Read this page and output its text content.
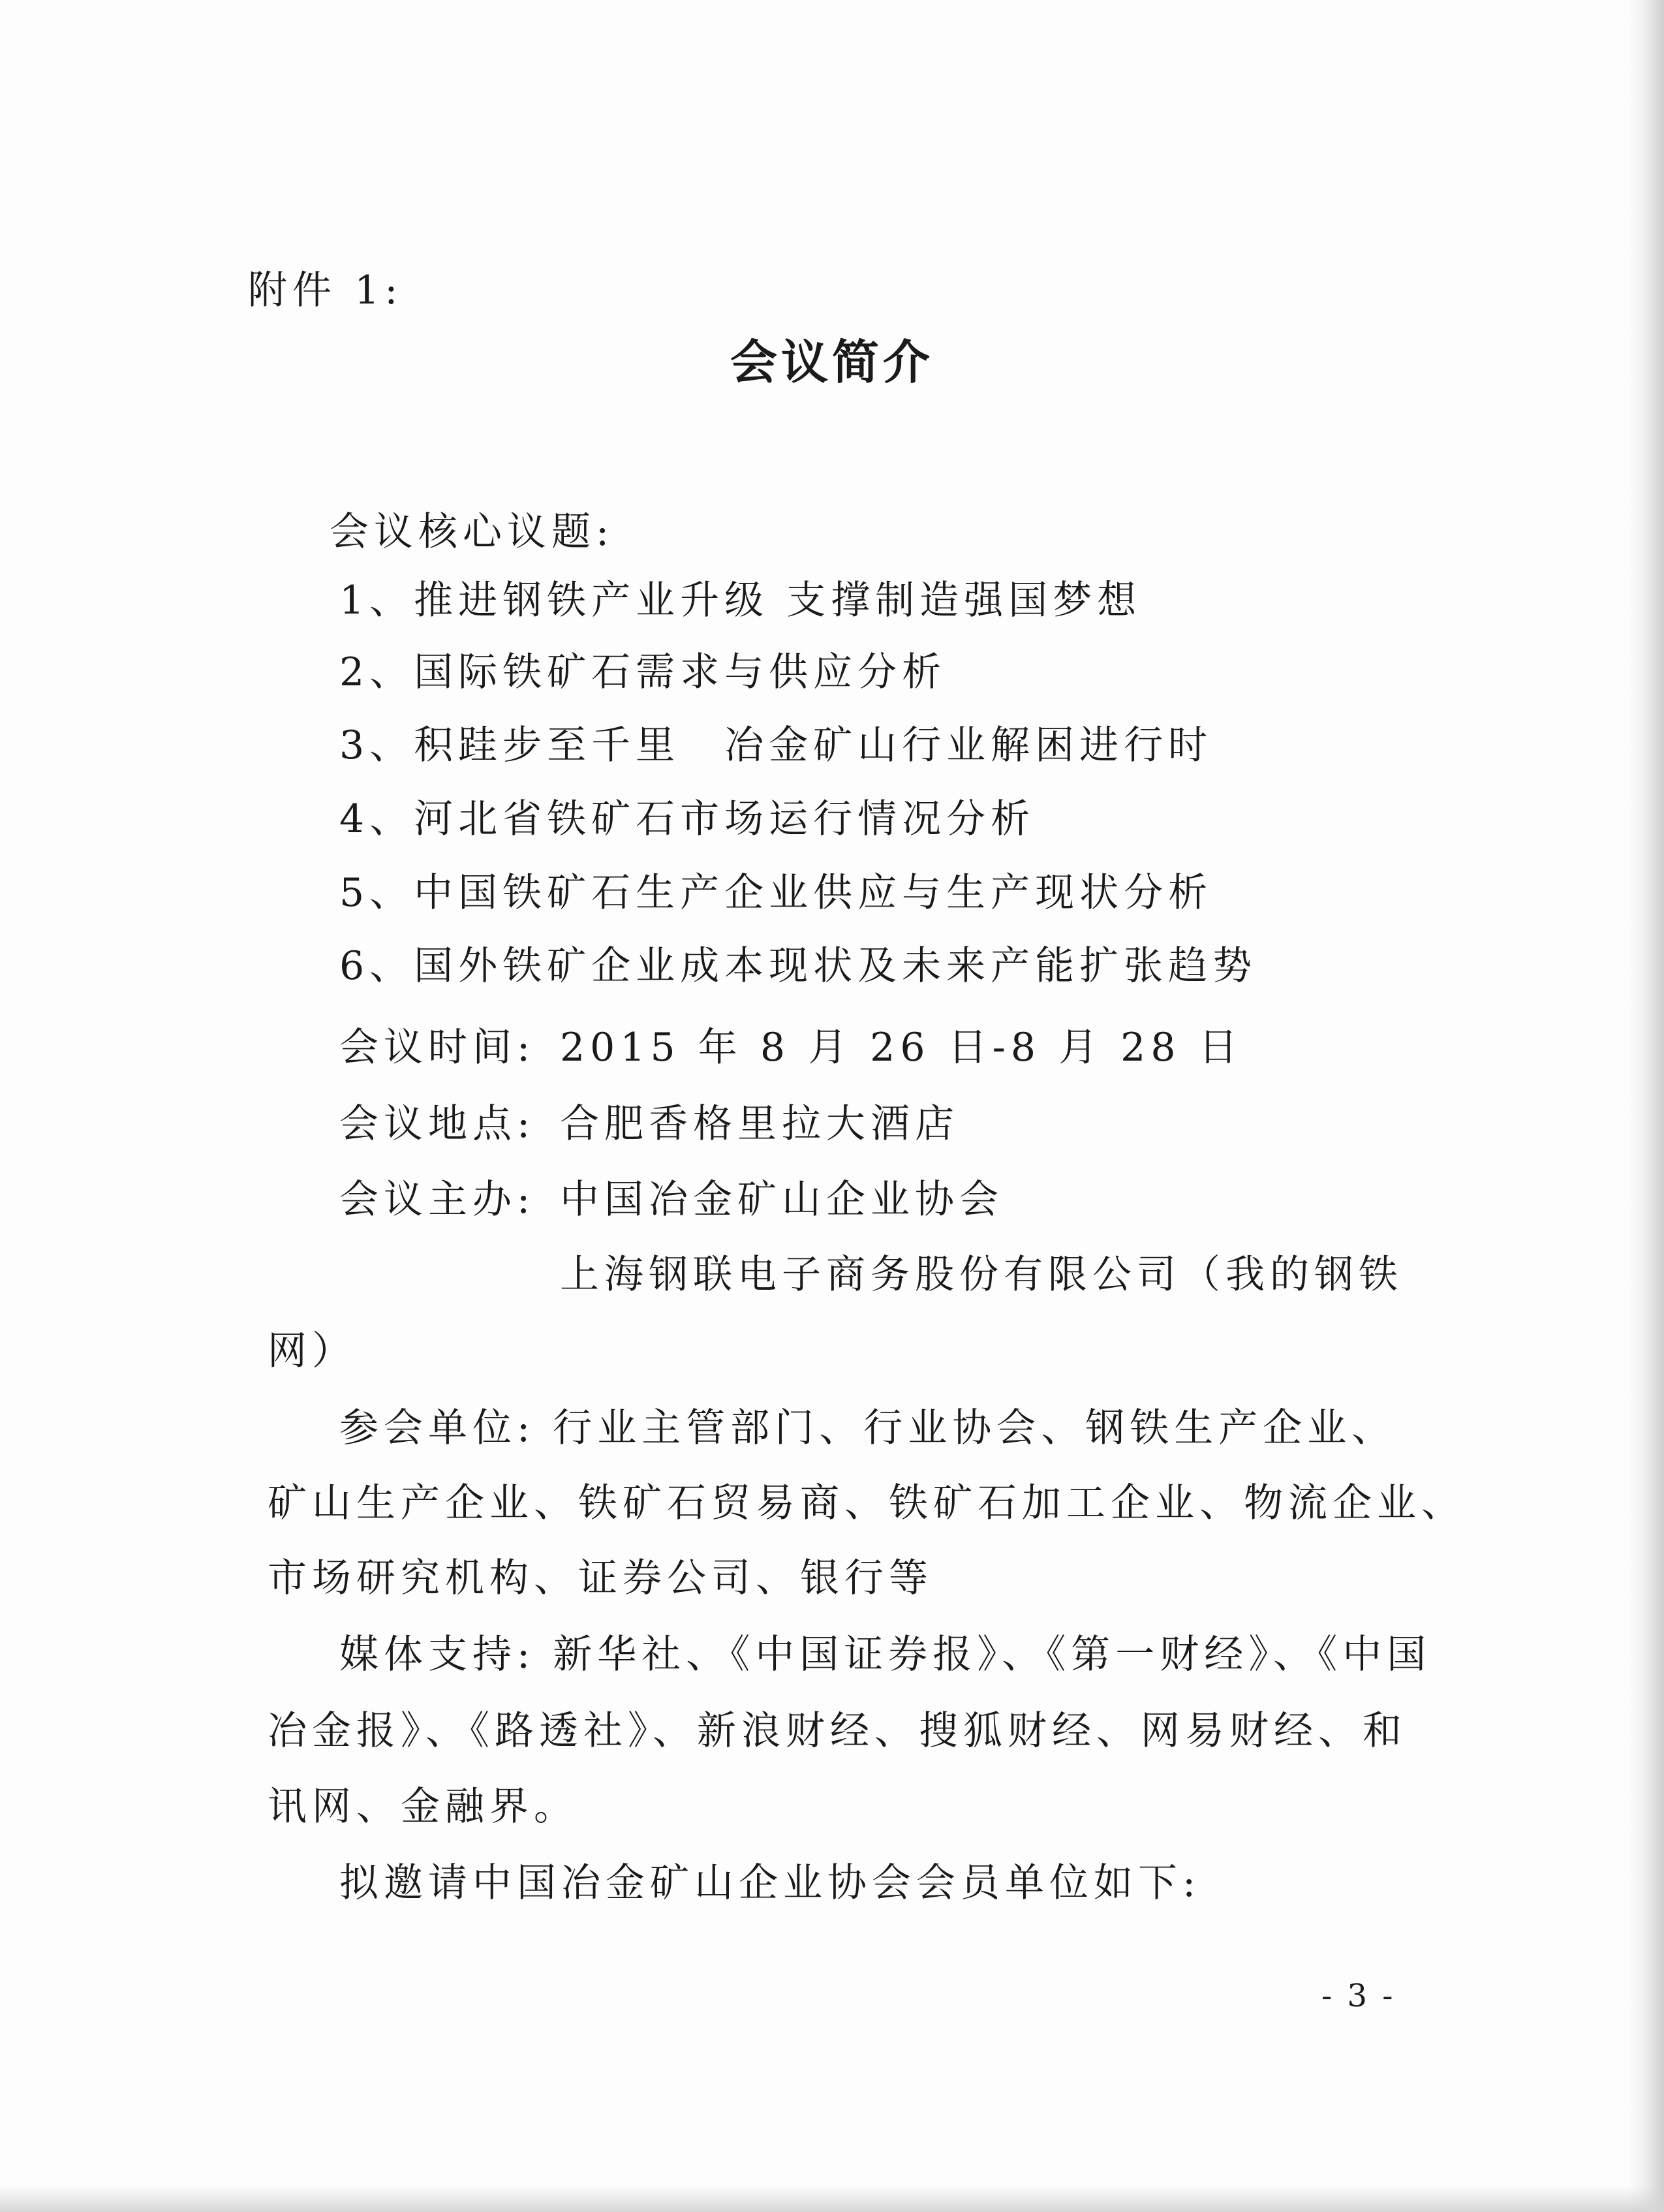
附件 1:
会议简介
会议核心议题:
1、推进钢铁产业升级 支撑制造强国梦想
2、国际铁矿石需求与供应分析
3、积跬步至千里　冶金矿山行业解困进行时
4、河北省铁矿石市场运行情况分析
5、中国铁矿石生产企业供应与生产现状分析
6、国外铁矿企业成本现状及未来产能扩张趋势
会议时间: 2015 年 8 月 26 日-8 月 28 日
会议地点: 合肥香格里拉大酒店
会议主办: 中国冶金矿山企业协会
上海钢联电子商务股份有限公司（我的钢铁
网）
参会单位: 行业主管部门、行业协会、钢铁生产企业、
矿山生产企业、铁矿石贸易商、铁矿石加工企业、物流企业、
市场研究机构、证券公司、银行等
媒体支持: 新华社、《中国证券报》、《第一财经》、《中国
冶金报》、《路透社》、新浪财经、搜狐财经、网易财经、和
讯网、金融界。
拟邀请中国冶金矿山企业协会会员单位如下:
- 3 -
